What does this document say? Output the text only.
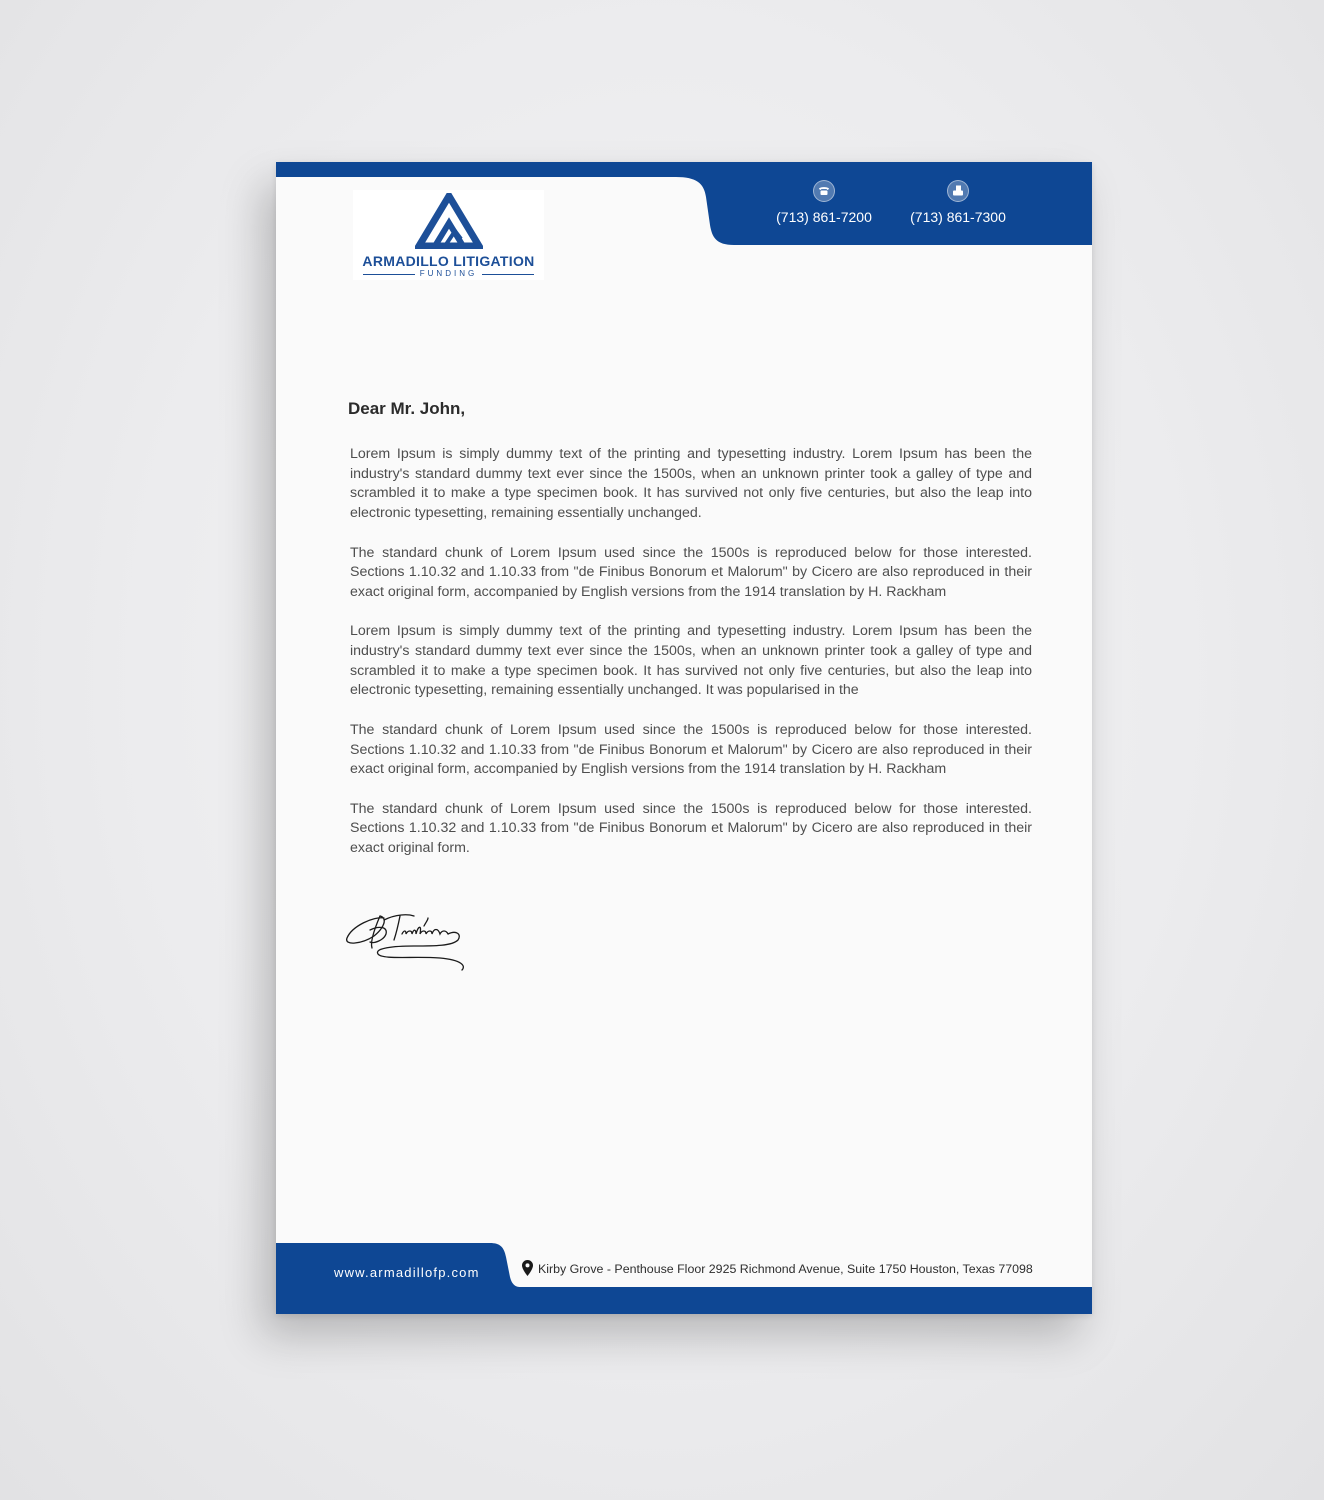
ARMADILLO LITIGATION
FUNDING
(713) 861-7200	(713) 861-7300
Dear Mr. John,

Lorem Ipsum is simply dummy text of the printing and typesetting industry. Lorem Ipsum has been the industry's standard dummy text ever since the 1500s, when an unknown printer took a galley of type and scrambled it to make a type specimen book. It has survived not only five centuries, but also the leap into electronic typesetting, remaining essentially unchanged.

The standard chunk of Lorem Ipsum used since the 1500s is reproduced below for those interested. Sections 1.10.32 and 1.10.33 from "de Finibus Bonorum et Malorum" by Cicero are also reproduced in their exact original form, accompanied by English versions from the 1914 translation by H. Rackham

Lorem Ipsum is simply dummy text of the printing and typesetting industry. Lorem Ipsum has been the industry's standard dummy text ever since the 1500s, when an unknown printer took a galley of type and scrambled it to make a type specimen book. It has survived not only five centuries, but also the leap into electronic typesetting, remaining essentially unchanged. It was popularised in the

The standard chunk of Lorem Ipsum used since the 1500s is reproduced below for those interested. Sections 1.10.32 and 1.10.33 from "de Finibus Bonorum et Malorum" by Cicero are also reproduced in their exact original form, accompanied by English versions from the 1914 translation by H. Rackham

The standard chunk of Lorem Ipsum used since the 1500s is reproduced below for those interested. Sections 1.10.32 and 1.10.33 from "de Finibus Bonorum et Malorum" by Cicero are also reproduced in their exact original form.

www.armadillofp.com	Kirby Grove - Penthouse Floor 2925 Richmond Avenue, Suite 1750 Houston, Texas 77098
